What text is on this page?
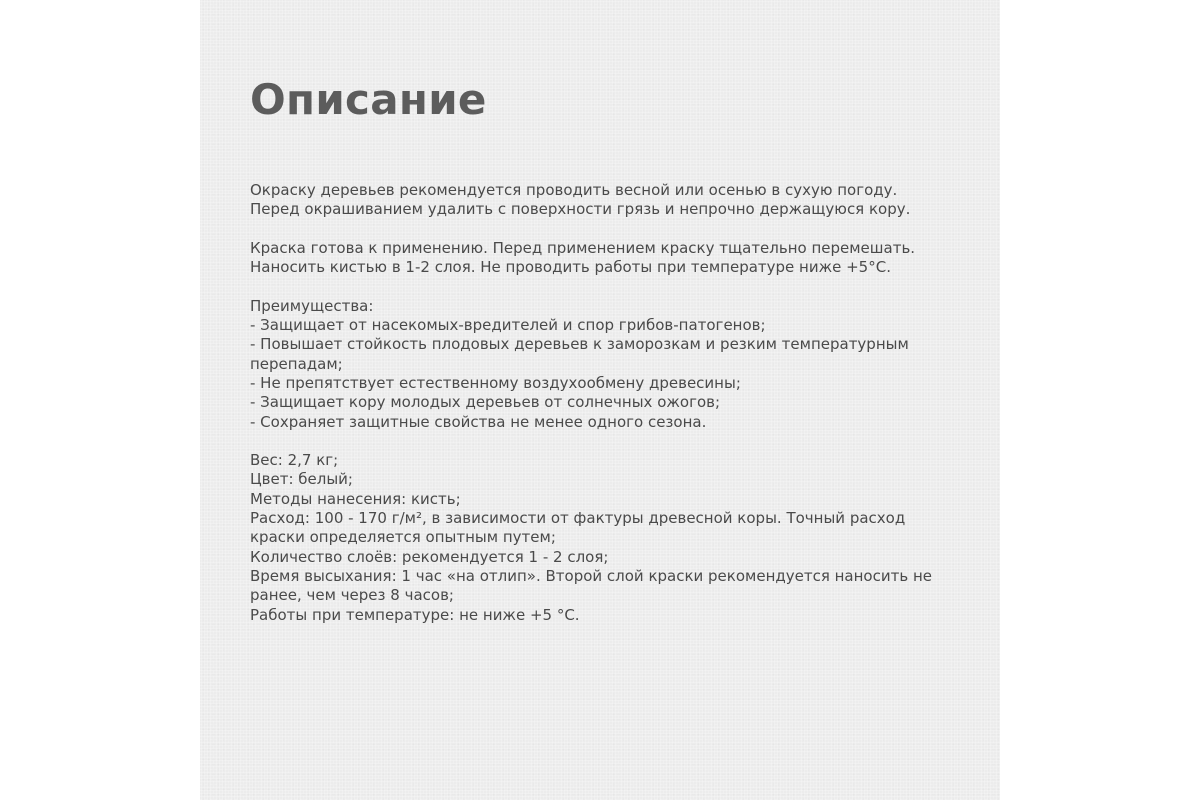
Описание

Окраску деревьев рекомендуется проводить весной или осенью в сухую погоду.
Перед окрашиванием удалить с поверхности грязь и непрочно держащуюся кору.

Краска готова к применению. Перед применением краску тщательно перемешать.
Наносить кистью в 1-2 слоя. Не проводить работы при температуре ниже +5°C.

Преимущества:
- Защищает от насекомых-вредителей и спор грибов-патогенов;
- Повышает стойкость плодовых деревьев к заморозкам и резким температурным
перепадам;
- Не препятствует естественному воздухообмену древесины;
- Защищает кору молодых деревьев от солнечных ожогов;
- Сохраняет защитные свойства не менее одного сезона.
Вес: 2,7 кг;
Цвет: белый;
Методы нанесения: кисть;
Расход: 100 - 170 г/м², в зависимости от фактуры древесной коры. Точный расход
краски определяется опытным путем;
Количество слоёв: рекомендуется 1 - 2 слоя;
Время высыхания: 1 час «на отлип». Второй слой краски рекомендуется наносить не
ранее, чем через 8 часов;
Работы при температуре: не ниже +5 °C.
